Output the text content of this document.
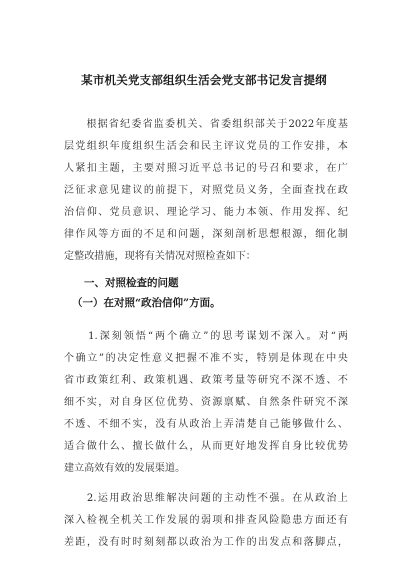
某市机关党支部组织生活会党支部书记发言提纲
　　根据省纪委省监委机关、省委组织部关于2022年度基
层党组织年度组织生活会和民主评议党员的工作安排，本
人紧扣主题，主要对照习近平总书记的号召和要求，在广
泛征求意见建议的前提下，对照党员义务，全面查找在政
治信仰、党员意识、理论学习、能力本领、作用发挥、纪
律作风等方面的不足和问题，深刻剖析思想根源，细化制
定整改措施，现将有关情况对照检查如下：
一、对照检查的问题
（一）在对照“政治信仰”方面。
　　1.深刻领悟“两个确立”的思考谋划不深入。对“两
个确立”的决定性意义把握不准不实，特别是体现在中央
省市政策红利、政策机遇、政策考量等研究不深不透、不
细不实，对自身区位优势、资源禀赋、自然条件研究不深
不透、不细不实，没有从政治上弄清楚自己能够做什么、
适合做什么、擅长做什么，从而更好地发挥自身比较优势
建立高效有效的发展渠道。
　　2.运用政治思维解决问题的主动性不强。在从政治上
深入检视全机关工作发展的弱项和排查风险隐患方面还有
差距，没有时时刻刻都以政治为工作的出发点和落脚点，
